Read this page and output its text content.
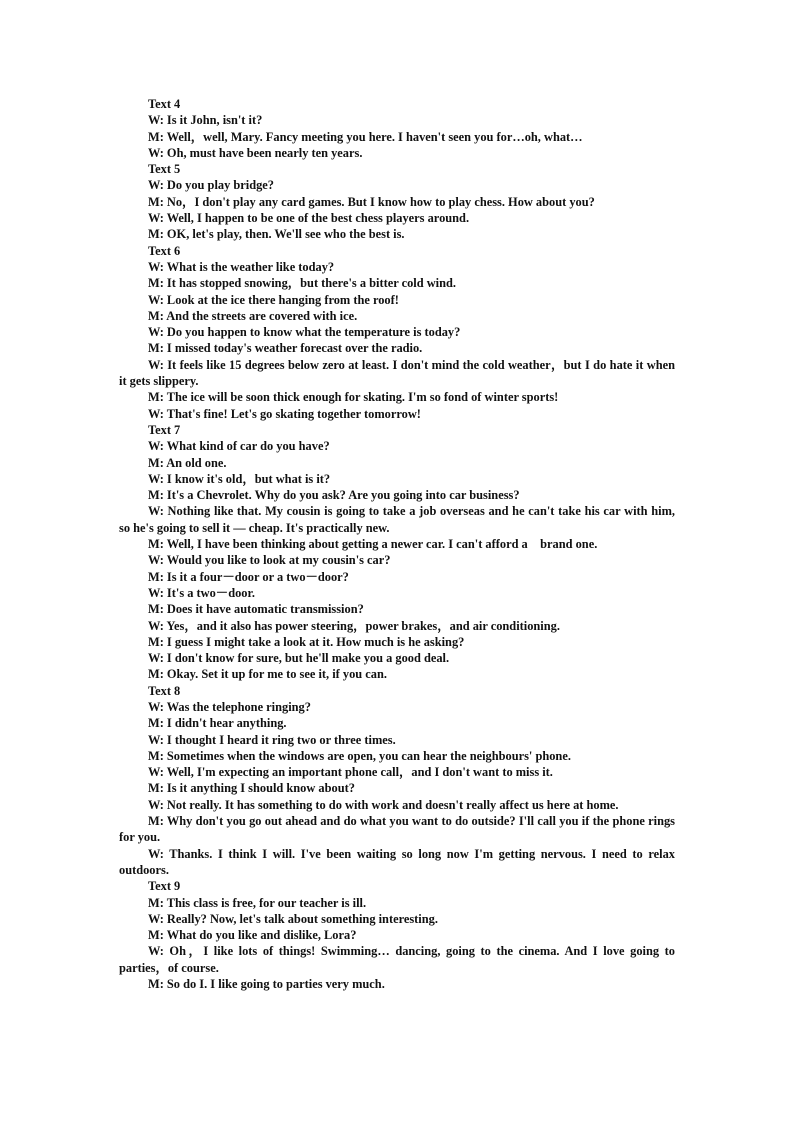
Text 4

W: Is it John, isn't it?

M: Well，well, Mary. Fancy meeting you here. I haven't seen you for…oh, what…

W: Oh, must have been nearly ten years.

Text 5

W: Do you play bridge?

M: No，I don't play any card games. But I know how to play chess. How about you?

W: Well, I happen to be one of the best chess players around.

M: OK, let's play, then. We'll see who the best is.

Text 6

W: What is the weather like today?

M: It has stopped snowing，but there's a bitter cold wind.

W: Look at the ice there hanging from the roof!

M: And the streets are covered with ice.

W: Do you happen to know what the temperature is today?

M: I missed today's weather forecast over the radio.

W: It feels like 15 degrees below zero at least. I don't mind the cold weather，but I do hate it when it gets slippery.

M: The ice will be soon thick enough for skating. I'm so fond of winter sports!

W: That's fine! Let's go skating together tomorrow!

Text 7

W: What kind of car do you have?

M: An old one.

W: I know it's old，but what is it?

M: It's a Chevrolet. Why do you ask? Are you going into car business?

W: Nothing like that. My cousin is going to take a job overseas and he can't take his car with him, so he's going to sell it — cheap. It's practically new.

M: Well, I have been thinking about getting a newer car. I can't afford a    brand one.

W: Would you like to look at my cousin's car?

M: Is it a four－door or a two－door?

W: It's a two－door.

M: Does it have automatic transmission?

W: Yes，and it also has power steering，power brakes，and air conditioning.

M: I guess I might take a look at it. How much is he asking?

W: I don't know for sure, but he'll make you a good deal.

M: Okay. Set it up for me to see it, if you can.

Text 8

W: Was the telephone ringing?

M: I didn't hear anything.

W: I thought I heard it ring two or three times.

M: Sometimes when the windows are open, you can hear the neighbours' phone.

W: Well, I'm expecting an important phone call，and I don't want to miss it.

M: Is it anything I should know about?

W: Not really. It has something to do with work and doesn't really affect us here at home.

M: Why don't you go out ahead and do what you want to do outside? I'll call you if the phone rings for you.

W: Thanks. I think I will. I've been waiting so long now I'm getting nervous. I need to relax outdoors.

Text 9

M: This class is free, for our teacher is ill.

W: Really? Now, let's talk about something interesting.

M: What do you like and dislike, Lora?

W: Oh，I like lots of things! Swimming… dancing, going to the cinema. And I love going to parties，of course.

M: So do I. I like going to parties very much.
